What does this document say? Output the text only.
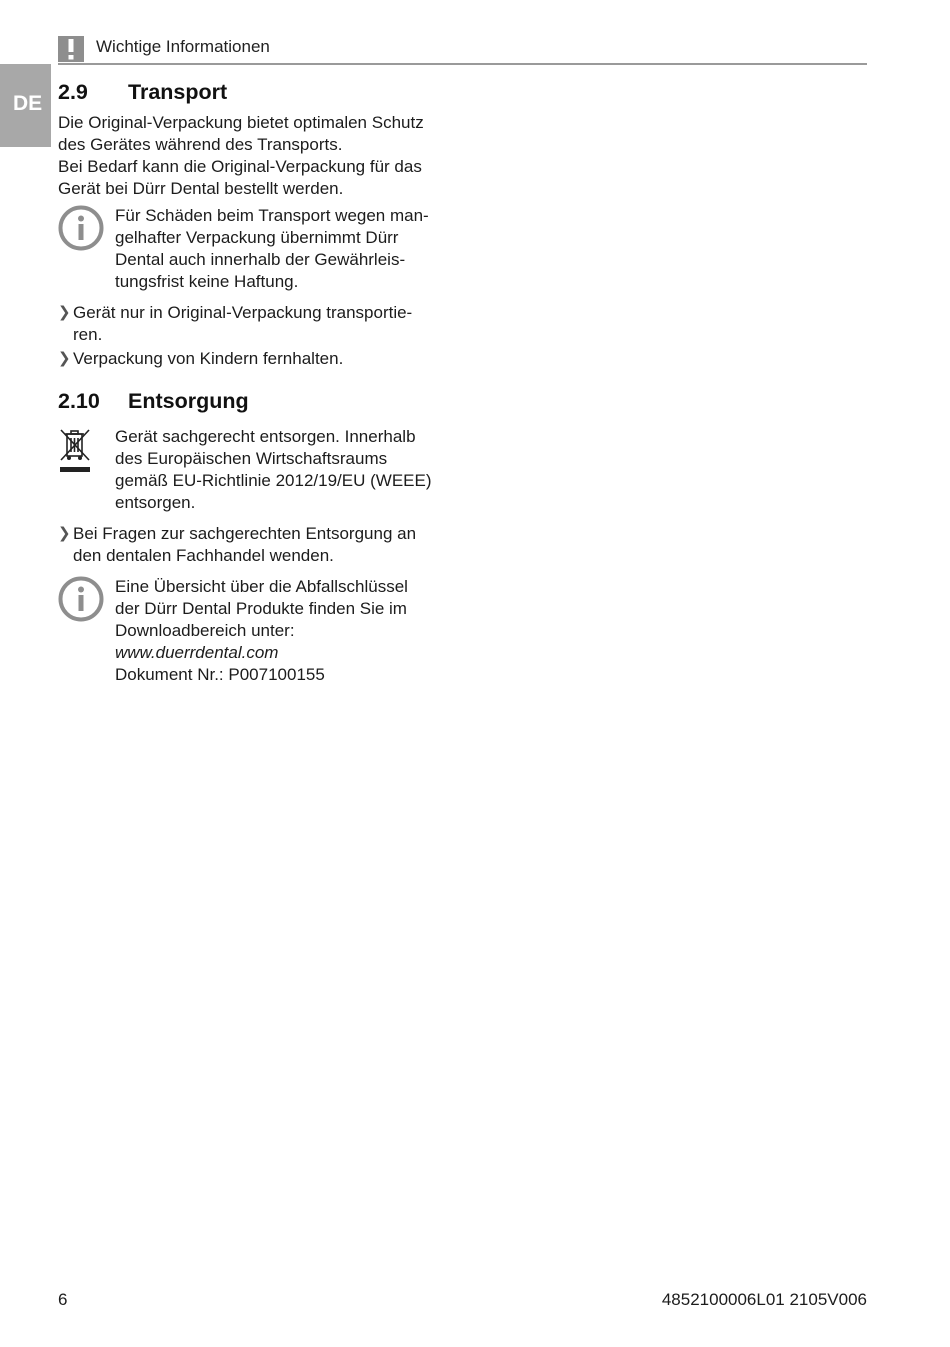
Wichtige Informationen
DE 2.9 Transport

Die Original-Verpackung bietet optimalen Schutz

des Gerätes während des Transports.

Bei Bedarf kann die Original-Verpackung für das

Gerät bei Dürr Dental bestellt werden.

Für Schäden beim Transport wegen man-
gelhafter Verpackung übernimmt Dürr
Dental auch innerhalb der Gewährleis-
tungsfrist keine Haftung.
❯ Gerät nur in Original-Verpackung transportie-
ren.
❯ Verpackung von Kindern fernhalten.
2.10 Entsorgung
Gerät sachgerecht entsorgen. Innerhalb
des Europäischen Wirtschaftsraums
gemäß EU-Richtlinie 2012/19/EU (WEEE)
entsorgen.
❯ Bei Fragen zur sachgerechten Entsorgung an
den dentalen Fachhandel wenden.
Eine Übersicht über die Abfallschlüssel
der Dürr Dental Produkte finden Sie im
Downloadbereich unter:
www.duerrdental.com
Dokument Nr.: P007100155
6	4852100006L01 2105V006
